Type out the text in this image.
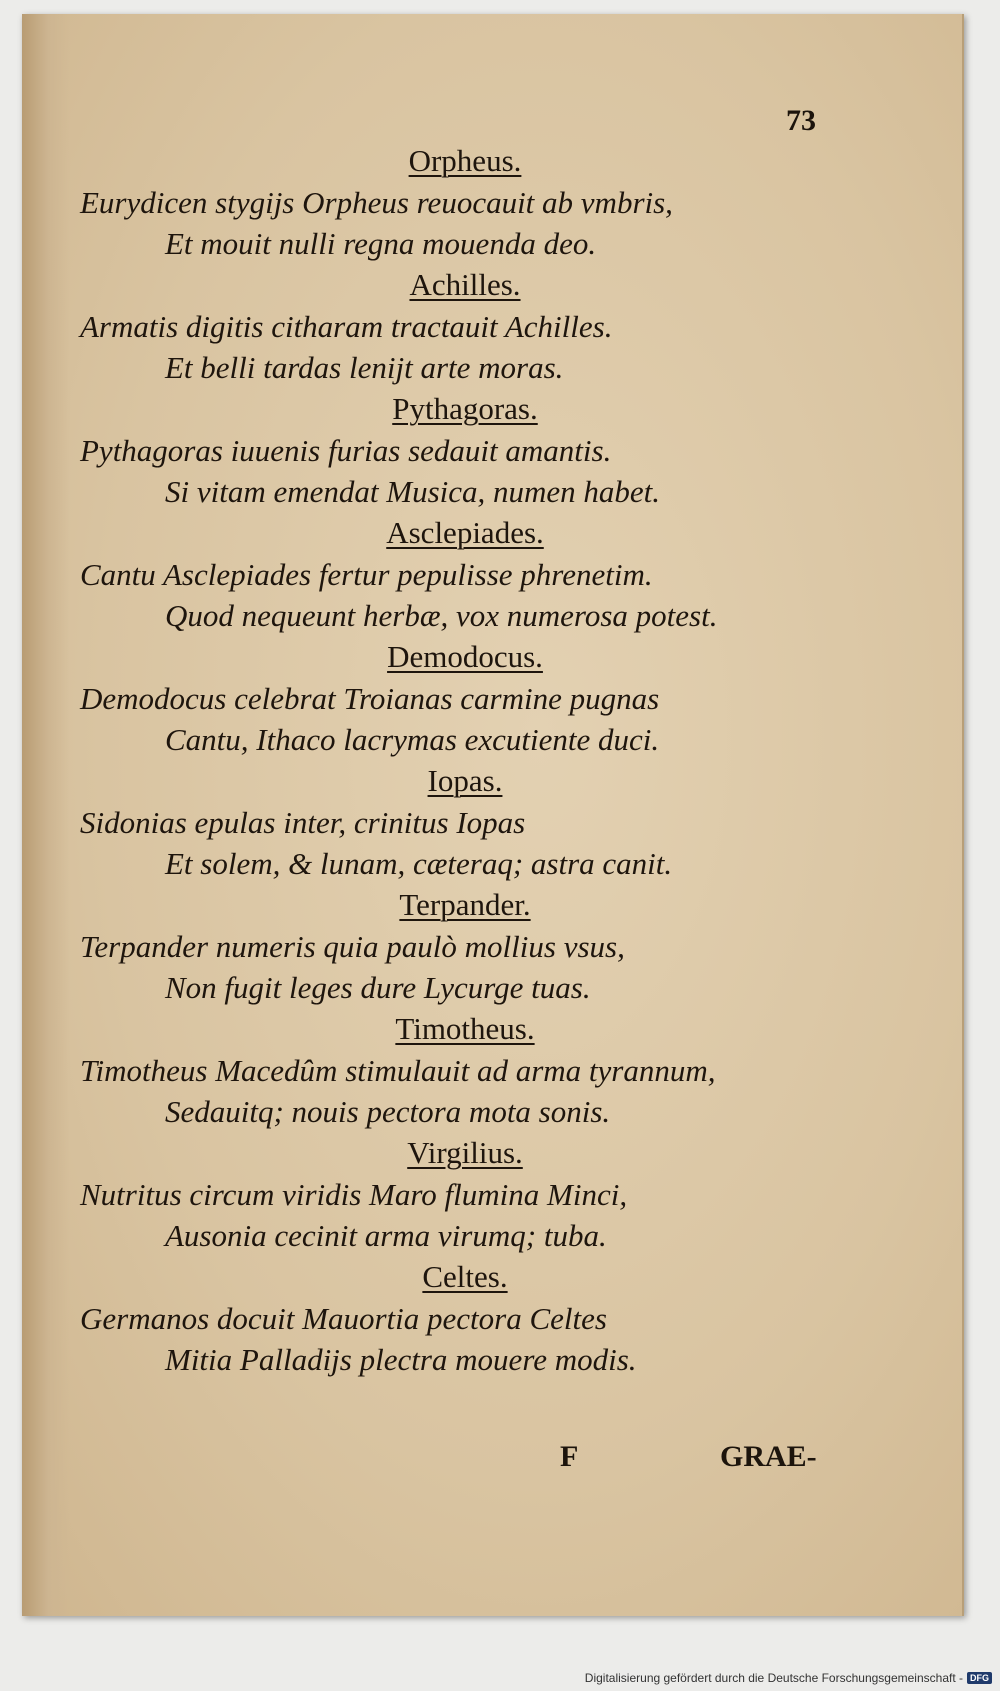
73
Orpheus.
Eurydicen stygijs Orpheus reuocauit ab vmbris,
Et mouit nulli regna mouenda deo.
Achilles.
Armatis digitis citharam tractauit Achilles.
Et belli tardas lenijt arte moras.
Pythagoras.
Pythagoras iuuenis furias sedauit amantis.
Si vitam emendat Musica, numen habet.
Asclepiades.
Cantu Asclepiades fertur pepulisse phrenetim.
Quod nequeunt herbæ, vox numerosa potest.
Demodocus.
Demodocus celebrat Troianas carmine pugnas
Cantu, Ithaco lacrymas excutiente duci.
Iopas.
Sidonias epulas inter, crinitus Iopas
Et solem, & lunam, cæteraq; astra canit.
Terpander.
Terpander numeris quia paulò mollius vsus,
Non fugit leges dure Lycurge tuas.
Timotheus.
Timotheus Macedûm stimulauit ad arma tyrannum,
Sedauitq; nouis pectora mota sonis.
Virgilius.
Nutritus circum viridis Maro flumina Minci,
Ausonia cecinit arma virumq; tuba.
Celtes.
Germanos docuit Mauortia pectora Celtes
Mitia Palladijs plectra mouere modis.
F	GRAE-
Digitalisierung gefördert durch die Deutsche Forschungsgemeinschaft - DFG
